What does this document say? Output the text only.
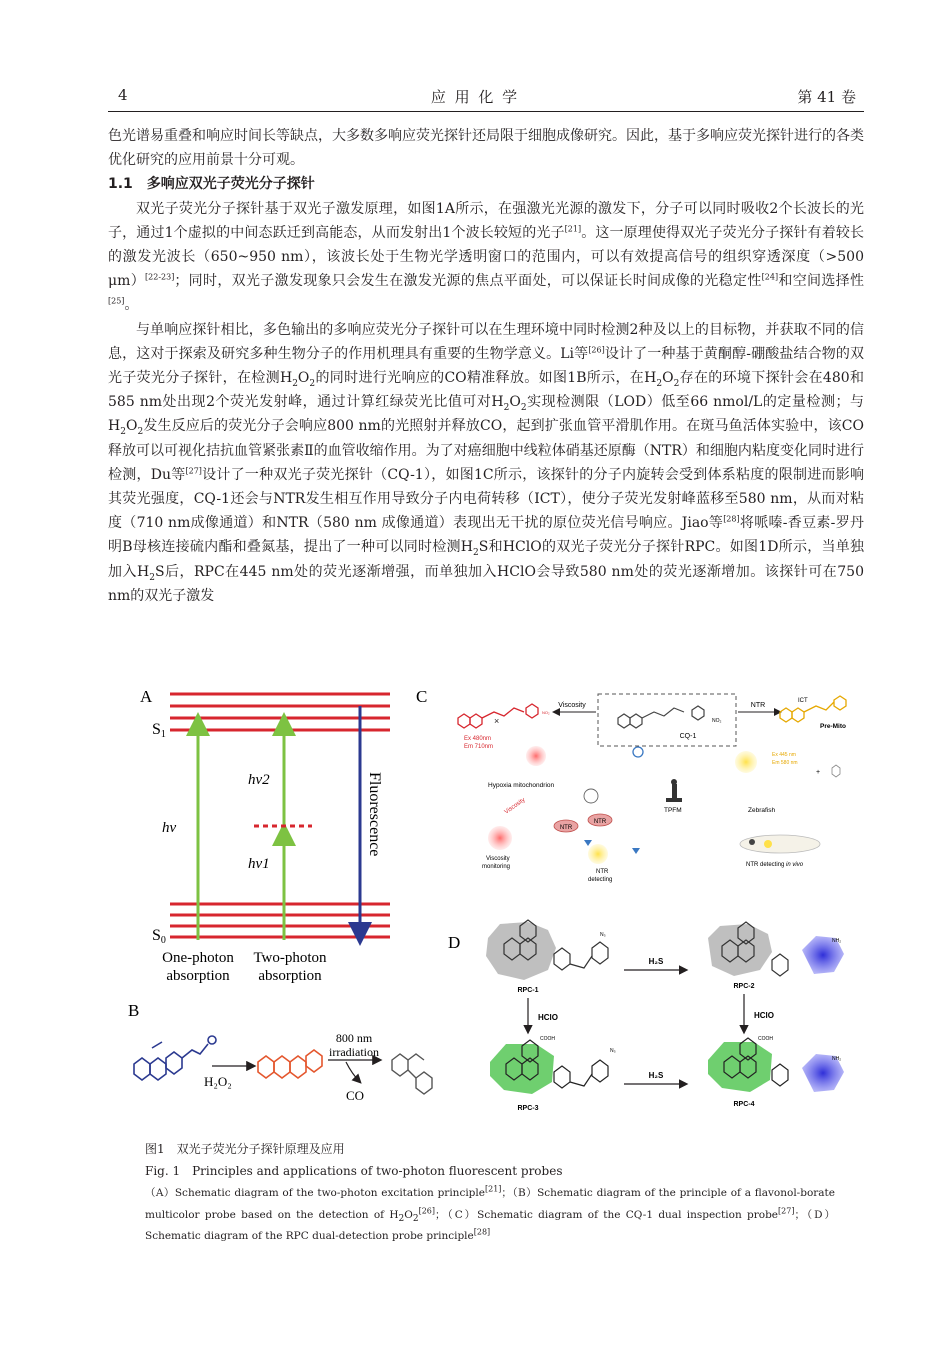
4	应 用 化 学	第 41 卷

色光谱易重叠和响应时间长等缺点，大多数多响应荧光探针还局限于细胞成像研究。因此，基于多响应荧光探针进行的各类优化研究的应用前景十分可观。

1.1　多响应双光子荧光分子探针

双光子荧光分子探针基于双光子激发原理，如图1A所示，在强激光光源的激发下，分子可以同时吸收2个长波长的光子，通过1个虚拟的中间态跃迁到高能态，从而发射出1个波长较短的光子[21]。这一原理使得双光子荧光分子探针有着较长的激发光波长（650~950 nm），该波长处于生物光学透明窗口的范围内，可以有效提高信号的组织穿透深度（>500 μm）[22-23]；同时，双光子激发现象只会发生在激发光源的焦点平面处，可以保证长时间成像的光稳定性[24]和空间选择性[25]。

与单响应探针相比，多色输出的多响应荧光分子探针可以在生理环境中同时检测2种及以上的目标物，并获取不同的信息，这对于探索及研究多种生物分子的作用机理具有重要的生物学意义。Li等[26]设计了一种基于黄酮醇-硼酸盐结合物的双光子荧光分子探针，在检测$H_2O_2$的同时进行光响应的CO精准释放。如图1B所示，在$H_2O_2$存在的环境下探针会在480和585 nm处出现2个荧光发射峰，通过计算红绿荧光比值可对$H_2O_2$实现检测限（LOD）低至66 nmol/L的定量检测；与$H_2O_2$发生反应后的荧光分子会响应800 nm的光照射并释放CO，起到扩张血管平滑肌作用。在斑马鱼活体实验中，该CO释放可以可视化拮抗血管紧张素Ⅱ的血管收缩作用。为了对癌细胞中线粒体硝基还原酶（NTR）和细胞内粘度变化同时进行检测，Du等[27]设计了一种双光子荧光探针（CQ-1），如图1C所示，该探针的分子内旋转会受到体系粘度的限制进而影响其荧光强度，CQ-1还会与NTR发生相互作用导致分子内电荷转移（ICT），使分子荧光发射峰蓝移至580 nm，从而对粘度（710 nm成像通道）和NTR（580 nm 成像通道）表现出无干扰的原位荧光信号响应。Jiao等[28]将哌嗪-香豆素-罗丹明B母核连接硫内酯和叠氮基，提出了一种可以同时检测$H_2S$和HClO的双光子荧光分子探针RPC。如图1D所示，当单独加入$H_2S$后，RPC在445 nm处的荧光逐渐增强，而单独加入HClO会导致580 nm处的荧光逐渐增加。该探针可在750 nm的双光子激发

A
S1
S0
hv
hv2
hv1
Fluorescence
One-photon
absorption
Two-photon
absorption
B
H₂O₂
800 nm
irradiation
CO
C
CQ-1
NO₂
Viscosity
NO₂
×
NTR
ICT
Pre-Mito
Ex 480nm
Em 710nm
Ex 445 nm
Em 580 nm
+
Hypoxia mitochondrion
Viscosity
NTR
NTR
Viscosity
monitoring
NTR
detecting
TPFM	Zebrafish
NTR detecting in vivo
D	N₃
RPC-1
H₂S
NH₂
RPC-2
HClO	HClO
COOH
N₃
RPC-3
H₂S
COOH
NH₂
RPC-4
图1　双光子荧光分子探针原理及应用
Fig. 1　Principles and applications of two-photon fluorescent probes
（A）Schematic diagram of the two-photon excitation principle[21]；（B）Schematic diagram of the principle of a flavonol-borate multicolor probe based on the detection of H2O2[26]；（C）Schematic diagram of the CQ-1 dual inspection probe[27]；（D）Schematic diagram of the RPC dual-detection probe principle[28]
